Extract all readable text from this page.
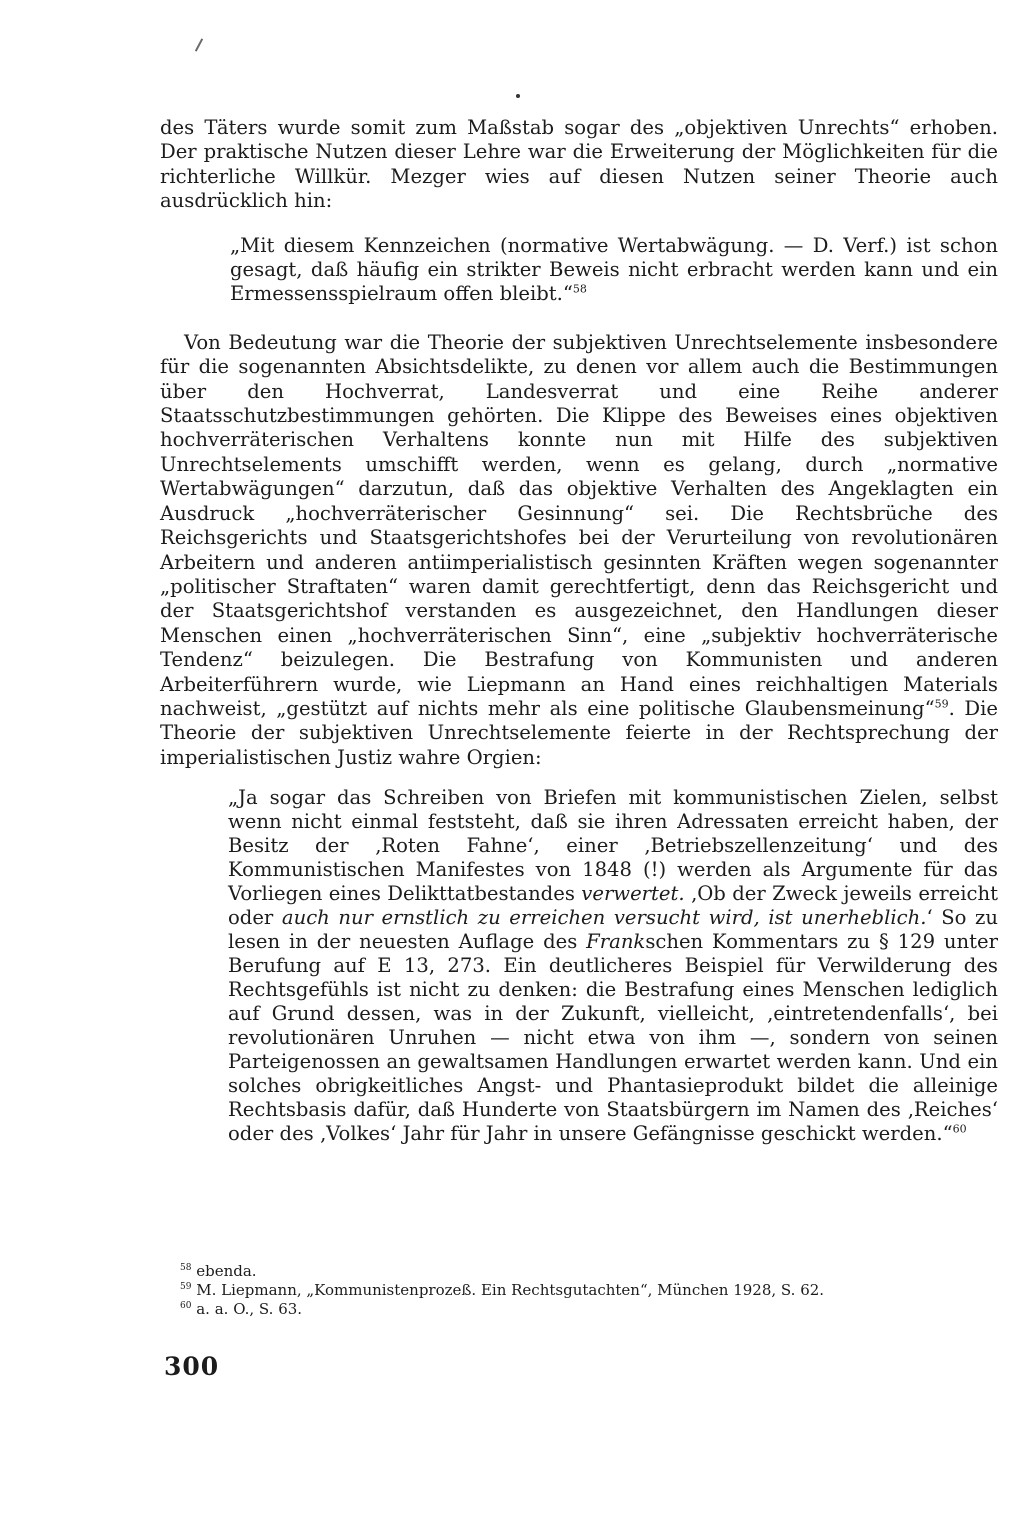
des Täters wurde somit zum Maßstab sogar des „objektiven Unrechts“ erhoben. Der praktische Nutzen dieser Lehre war die Erweiterung der Möglichkeiten für die richterliche Willkür. Mezger wies auf diesen Nutzen seiner Theorie auch ausdrücklich hin:

„Mit diesem Kennzeichen (normative Wertabwägung. — D. Verf.) ist schon gesagt, daß häufig ein strikter Beweis nicht erbracht werden kann und ein Ermessensspielraum offen bleibt.“$^{58}$

Von Bedeutung war die Theorie der subjektiven Unrechtselemente insbesondere für die sogenannten Absichtsdelikte, zu denen vor allem auch die Bestimmungen über den Hochverrat, Landesverrat und eine Reihe anderer Staatsschutzbestimmungen gehörten. Die Klippe des Beweises eines objektiven hochverräterischen Verhaltens konnte nun mit Hilfe des subjektiven Unrechtselements umschifft werden, wenn es gelang, durch „normative Wertabwägungen“ darzutun, daß das objektive Verhalten des Angeklagten ein Ausdruck „hochverräterischer Gesinnung“ sei. Die Rechtsbrüche des Reichsgerichts und Staatsgerichtshofes bei der Verurteilung von revolutionären Arbeitern und anderen antiimperialistisch gesinnten Kräften wegen sogenannter „politischer Straftaten“ waren damit gerechtfertigt, denn das Reichsgericht und der Staatsgerichtshof verstanden es ausgezeichnet, den Handlungen dieser Menschen einen „hochverräterischen Sinn“, eine „subjektiv hochverräterische Tendenz“ beizulegen. Die Bestrafung von Kommunisten und anderen Arbeiterführern wurde, wie Liepmann an Hand eines reichhaltigen Materials nachweist, „gestützt auf nichts mehr als eine politische Glaubensmeinung“$^{59}$. Die Theorie der subjektiven Unrechtselemente feierte in der Rechtsprechung der imperialistischen Justiz wahre Orgien:

„Ja sogar das Schreiben von Briefen mit kommunistischen Zielen, selbst wenn nicht einmal feststeht, daß sie ihren Adressaten erreicht haben, der Besitz der ‚Roten Fahne‘, einer ‚Betriebszellenzeitung‘ und des Kommunistischen Manifestes von 1848 (!) werden als Argumente für das Vorliegen eines Delikttatbestandes verwertet. ‚Ob der Zweck jeweils erreicht oder auch nur ernstlich zu erreichen versucht wird, ist unerheblich.‘ So zu lesen in der neuesten Auflage des Frankschen Kommentars zu § 129 unter Berufung auf E 13, 273. Ein deutlicheres Beispiel für Verwilderung des Rechtsgefühls ist nicht zu denken: die Bestrafung eines Menschen lediglich auf Grund dessen, was in der Zukunft, vielleicht, ‚eintretendenfalls‘, bei revolutionären Unruhen — nicht etwa von ihm —, sondern von seinen Parteigenossen an gewaltsamen Handlungen erwartet werden kann. Und ein solches obrigkeitliches Angst- und Phantasieprodukt bildet die alleinige Rechtsbasis dafür, daß Hunderte von Staatsbürgern im Namen des ‚Reiches‘ oder des ‚Volkes‘ Jahr für Jahr in unsere Gefängnisse geschickt werden.“$^{60}$

$^{58}$ ebenda.

$^{59}$ M. Liepmann, „Kommunistenprozeß. Ein Rechtsgutachten“, München 1928, S. 62.

$^{60}$ a. a. O., S. 63.

300
